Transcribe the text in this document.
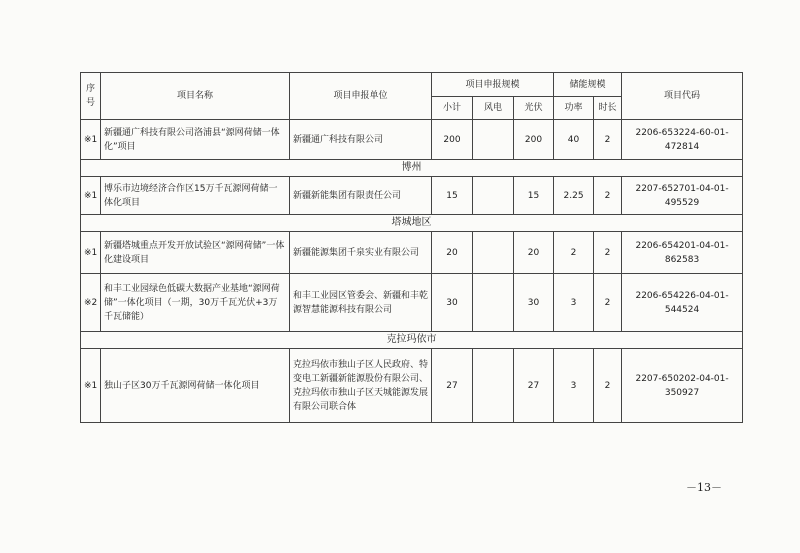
序号	项目名称	项目申报单位	项目申报规模			储能规模		项目代码
			小计	风电	光伏	功率	时长	
※1	新疆通广科技有限公司洛浦县“源网荷储一体化”项目	新疆通广科技有限公司	200		200	40	2	2206-653224-60-01-472814
博州								
※1	博乐市边境经济合作区15万千瓦源网荷储一体化项目	新疆新能集团有限责任公司	15		15	2.25	2	2207-652701-04-01-495529
塔城地区								
※1	新疆塔城重点开发开放试验区“源网荷储”一体化建设项目	新疆能源集团千泉实业有限公司	20		20	2	2	2206-654201-04-01-862583
※2	和丰工业园绿色低碳大数据产业基地“源网荷储”一体化项目（一期，30万千瓦光伏+3万千瓦储能）	和丰工业园区管委会、新疆和丰乾源智慧能源科技有限公司	30		30	3	2	2206-654226-04-01-544524
克拉玛依市								
※1	独山子区30万千瓦源网荷储一体化项目	克拉玛依市独山子区人民政府、特变电工新疆新能源股份有限公司、克拉玛依市独山子区天城能源发展有限公司联合体	27		27	3	2	2207-650202-04-01-350927
－13－
